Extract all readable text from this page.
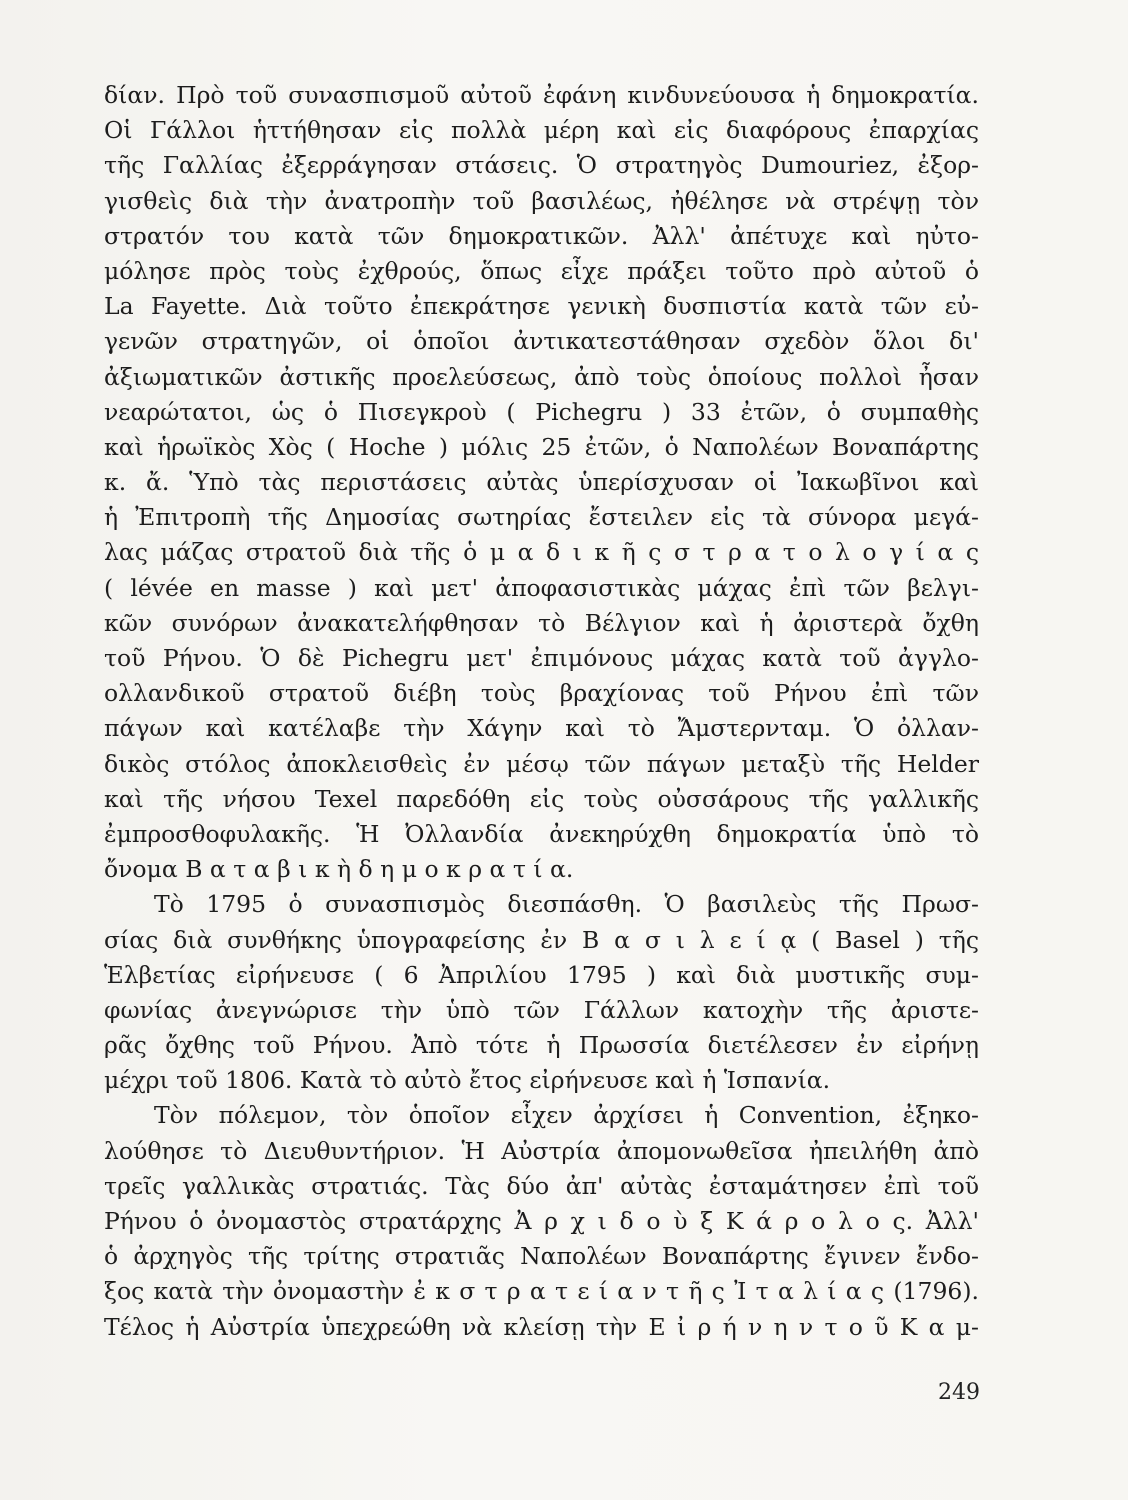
δίαν. Πρὸ τοῦ συνασπισμοῦ αὐτοῦ ἐφάνη κινδυνεύουσα ἡ δημοκρατία.
Οἱ Γάλλοι ἡττήθησαν εἰς πολλὰ μέρη καὶ εἰς διαφόρους ἐπαρχίας
τῆς Γαλλίας ἐξερράγησαν στάσεις. Ὁ στρατηγὸς Dumouriez, ἐξορ-
γισθεὶς διὰ τὴν ἀνατροπὴν τοῦ βασιλέως, ἠθέλησε νὰ στρέψῃ τὸν
στρατόν του κατὰ τῶν δημοκρατικῶν. Ἀλλ' ἀπέτυχε καὶ ηὐτο-
μόλησε πρὸς τοὺς ἐχθρούς, ὅπως εἶχε πράξει τοῦτο πρὸ αὐτοῦ ὁ
La Fayette. Διὰ τοῦτο ἐπεκράτησε γενικὴ δυσπιστία κατὰ τῶν εὐ-
γενῶν στρατηγῶν, οἱ ὁποῖοι ἀντικατεστάθησαν σχεδὸν ὅλοι δι'
ἀξιωματικῶν ἀστικῆς προελεύσεως, ἀπὸ τοὺς ὁποίους πολλοὶ ἦσαν
νεαρώτατοι, ὡς ὁ Πισεγκροὺ ( Pichegru ) 33 ἐτῶν, ὁ συμπαθὴς
καὶ ἡρωϊκὸς Χὸς ( Hoche ) μόλις 25 ἐτῶν, ὁ Ναπολέων Βοναπάρτης
κ. ἄ. Ὑπὸ τὰς περιστάσεις αὐτὰς ὑπερίσχυσαν οἱ Ἰακωβῖνοι καὶ
ἡ Ἐπιτροπὴ τῆς Δημοσίας σωτηρίας ἔστειλεν εἰς τὰ σύνορα μεγά-
λας μάζας στρατοῦ διὰ τῆς ὁ μ α δ ι κ ῆ ς σ τ ρ α τ ο λ ο γ ί α ς
( lévée en masse ) καὶ μετ' ἀποφασιστικὰς μάχας ἐπὶ τῶν βελγι-
κῶν συνόρων ἀνακατελήφθησαν τὸ Βέλγιον καὶ ἡ ἀριστερὰ ὄχθη
τοῦ Ρήνου. Ὁ δὲ Pichegru μετ' ἐπιμόνους μάχας κατὰ τοῦ ἀγγλο-
ολλανδικοῦ στρατοῦ διέβη τοὺς βραχίονας τοῦ Ρήνου ἐπὶ τῶν
πάγων καὶ κατέλαβε τὴν Χάγην καὶ τὸ Ἄμστερνταμ. Ὁ ὀλλαν-
δικὸς στόλος ἀποκλεισθεὶς ἐν μέσῳ τῶν πάγων μεταξὺ τῆς Helder
καὶ τῆς νήσου Texel παρεδόθη εἰς τοὺς οὐσσάρους τῆς γαλλικῆς
ἐμπροσθοφυλακῆς. Ἡ Ὀλλανδία ἀνεκηρύχθη δημοκρατία ὑπὸ τὸ
ὄνομα Β α τ α β ι κ ὴ δ η μ ο κ ρ α τ ί α.
Τὸ 1795 ὁ συνασπισμὸς διεσπάσθη. Ὁ βασιλεὺς τῆς Πρωσ-
σίας διὰ συνθήκης ὑπογραφείσης ἐν Β α σ ι λ ε ί ᾳ ( Basel ) τῆς
Ἑλβετίας εἰρήνευσε ( 6 Ἀπριλίου 1795 ) καὶ διὰ μυστικῆς συμ-
φωνίας ἀνεγνώρισε τὴν ὑπὸ τῶν Γάλλων κατοχὴν τῆς ἀριστε-
ρᾶς ὄχθης τοῦ Ρήνου. Ἀπὸ τότε ἡ Πρωσσία διετέλεσεν ἐν εἰρήνῃ
μέχρι τοῦ 1806. Κατὰ τὸ αὐτὸ ἔτος εἰρήνευσε καὶ ἡ Ἱσπανία.
Τὸν πόλεμον, τὸν ὁποῖον εἶχεν ἀρχίσει ἡ Convention, ἐξηκο-
λούθησε τὸ Διευθυντήριον. Ἡ Αὐστρία ἀπομονωθεῖσα ἠπειλήθη ἀπὸ
τρεῖς γαλλικὰς στρατιάς. Τὰς δύο ἀπ' αὐτὰς ἐσταμάτησεν ἐπὶ τοῦ
Ρήνου ὁ ὀνομαστὸς στρατάρχης Ἀ ρ χ ι δ ο ὺ ξ Κ ά ρ ο λ ο ς. Ἀλλ'
ὁ ἀρχηγὸς τῆς τρίτης στρατιᾶς Ναπολέων Βοναπάρτης ἔγινεν ἔνδο-
ξος κατὰ τὴν ὀνομαστὴν ἐ κ σ τ ρ α τ ε ί α ν τ ῆ ς Ἰ τ α λ ί α ς (1796).
Τέλος ἡ Αὐστρία ὑπεχρεώθη νὰ κλείσῃ τὴν Ε ἰ ρ ή ν η ν τ ο ῦ Κ α μ-
249
